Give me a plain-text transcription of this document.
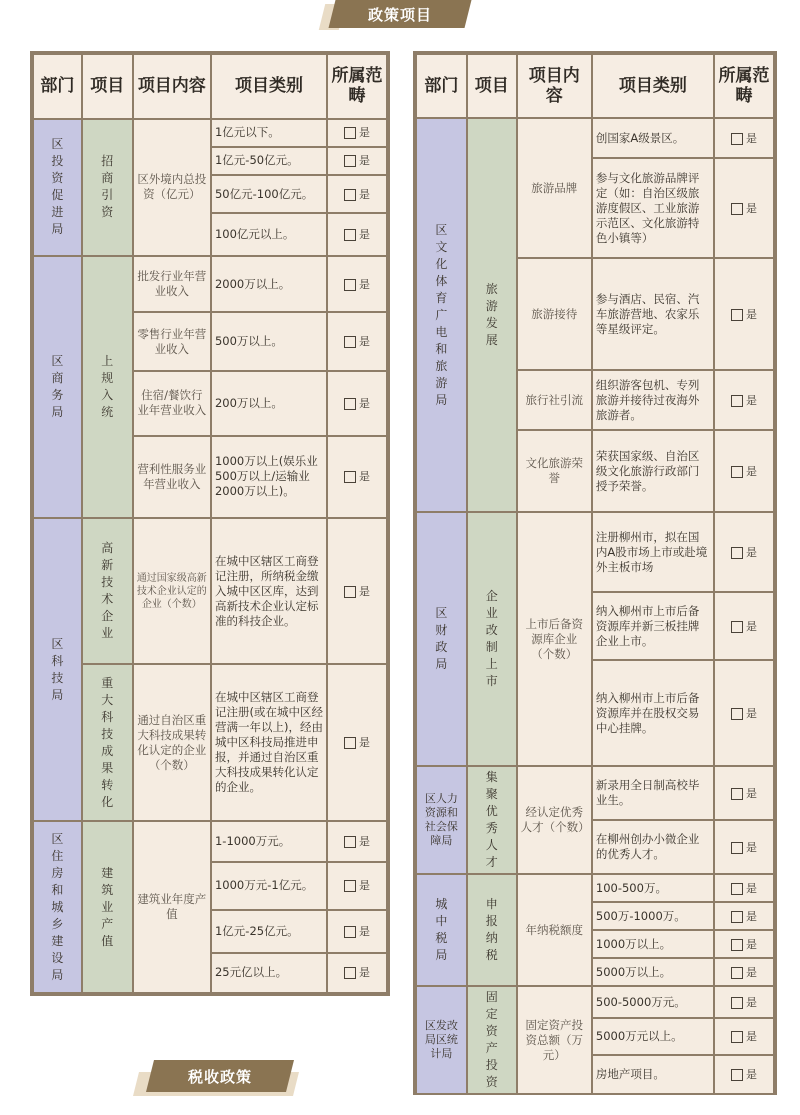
政策项目
部门	项目	项目内容	项目类别	所属范畴
区投资促进局	招商引资	区外境内总投资（亿元）	1亿元以下。	是
			1亿元-50亿元。	是
			50亿元-100亿元。	是
			100亿元以上。	是
区商务局	上规入统	批发行业年营业收入	2000万以上。	是
		零售行业年营业收入	500万以上。	是
		住宿/餐饮行业年营业收入	200万以上。	是
		营利性服务业年营业收入	1000万以上(娱乐业500万以上/运输业2000万以上)。	是
区科技局	高新技术企业	通过国家级高新技术企业认定的企业（个数）	在城中区辖区工商登记注册，所纳税金缴入城中区区库，达到高新技术企业认定标准的科技企业。	是
	重大科技成果转化	通过自治区重大科技成果转化认定的企业（个数）	在城中区辖区工商登记注册(或在城中区经营满一年以上)，经由城中区科技局推进申报，并通过自治区重大科技成果转化认定的企业。	是
区住房和城乡建设局	建筑业产值	建筑业年度产值	1-1000万元。	是
			1000万元-1亿元。	是
			1亿元-25亿元。	是
			25元亿以上。	是
部门	项目	项目内容	项目类别	所属范畴
区文化体育广电和旅游局	旅游发展	旅游品牌	创国家A级景区。	是
			参与文化旅游品牌评定（如：自治区级旅游度假区、工业旅游示范区、文化旅游特色小镇等）	是
		旅游接待	参与酒店、民宿、汽车旅游营地、农家乐等星级评定。	是
		旅行社引流	组织游客包机、专列旅游并接待过夜海外旅游者。	是
		文化旅游荣誉	荣获国家级、自治区级文化旅游行政部门授予荣誉。	是
区财政局	企业改制上市	上市后备资源库企业（个数）	注册柳州市，拟在国内A股市场上市或赴境外主板市场	是
			纳入柳州市上市后备资源库并新三板挂牌企业上市。	是
			纳入柳州市上市后备资源库并在股权交易中心挂牌。	是
区人力资源和社会保障局	集聚优秀人才	经认定优秀人才（个数）	新录用全日制高校毕业生。	是
			在柳州创办小微企业的优秀人才。	是
城中税局	申报纳税	年纳税额度	100-500万。	是
			500万-1000万。	是
			1000万以上。	是
			5000万以上。	是
区发改局区统计局	固定资产投资	固定资产投资总额（万元）	500-5000万元。	是
			5000万元以上。	是
			房地产项目。	是
税收政策
